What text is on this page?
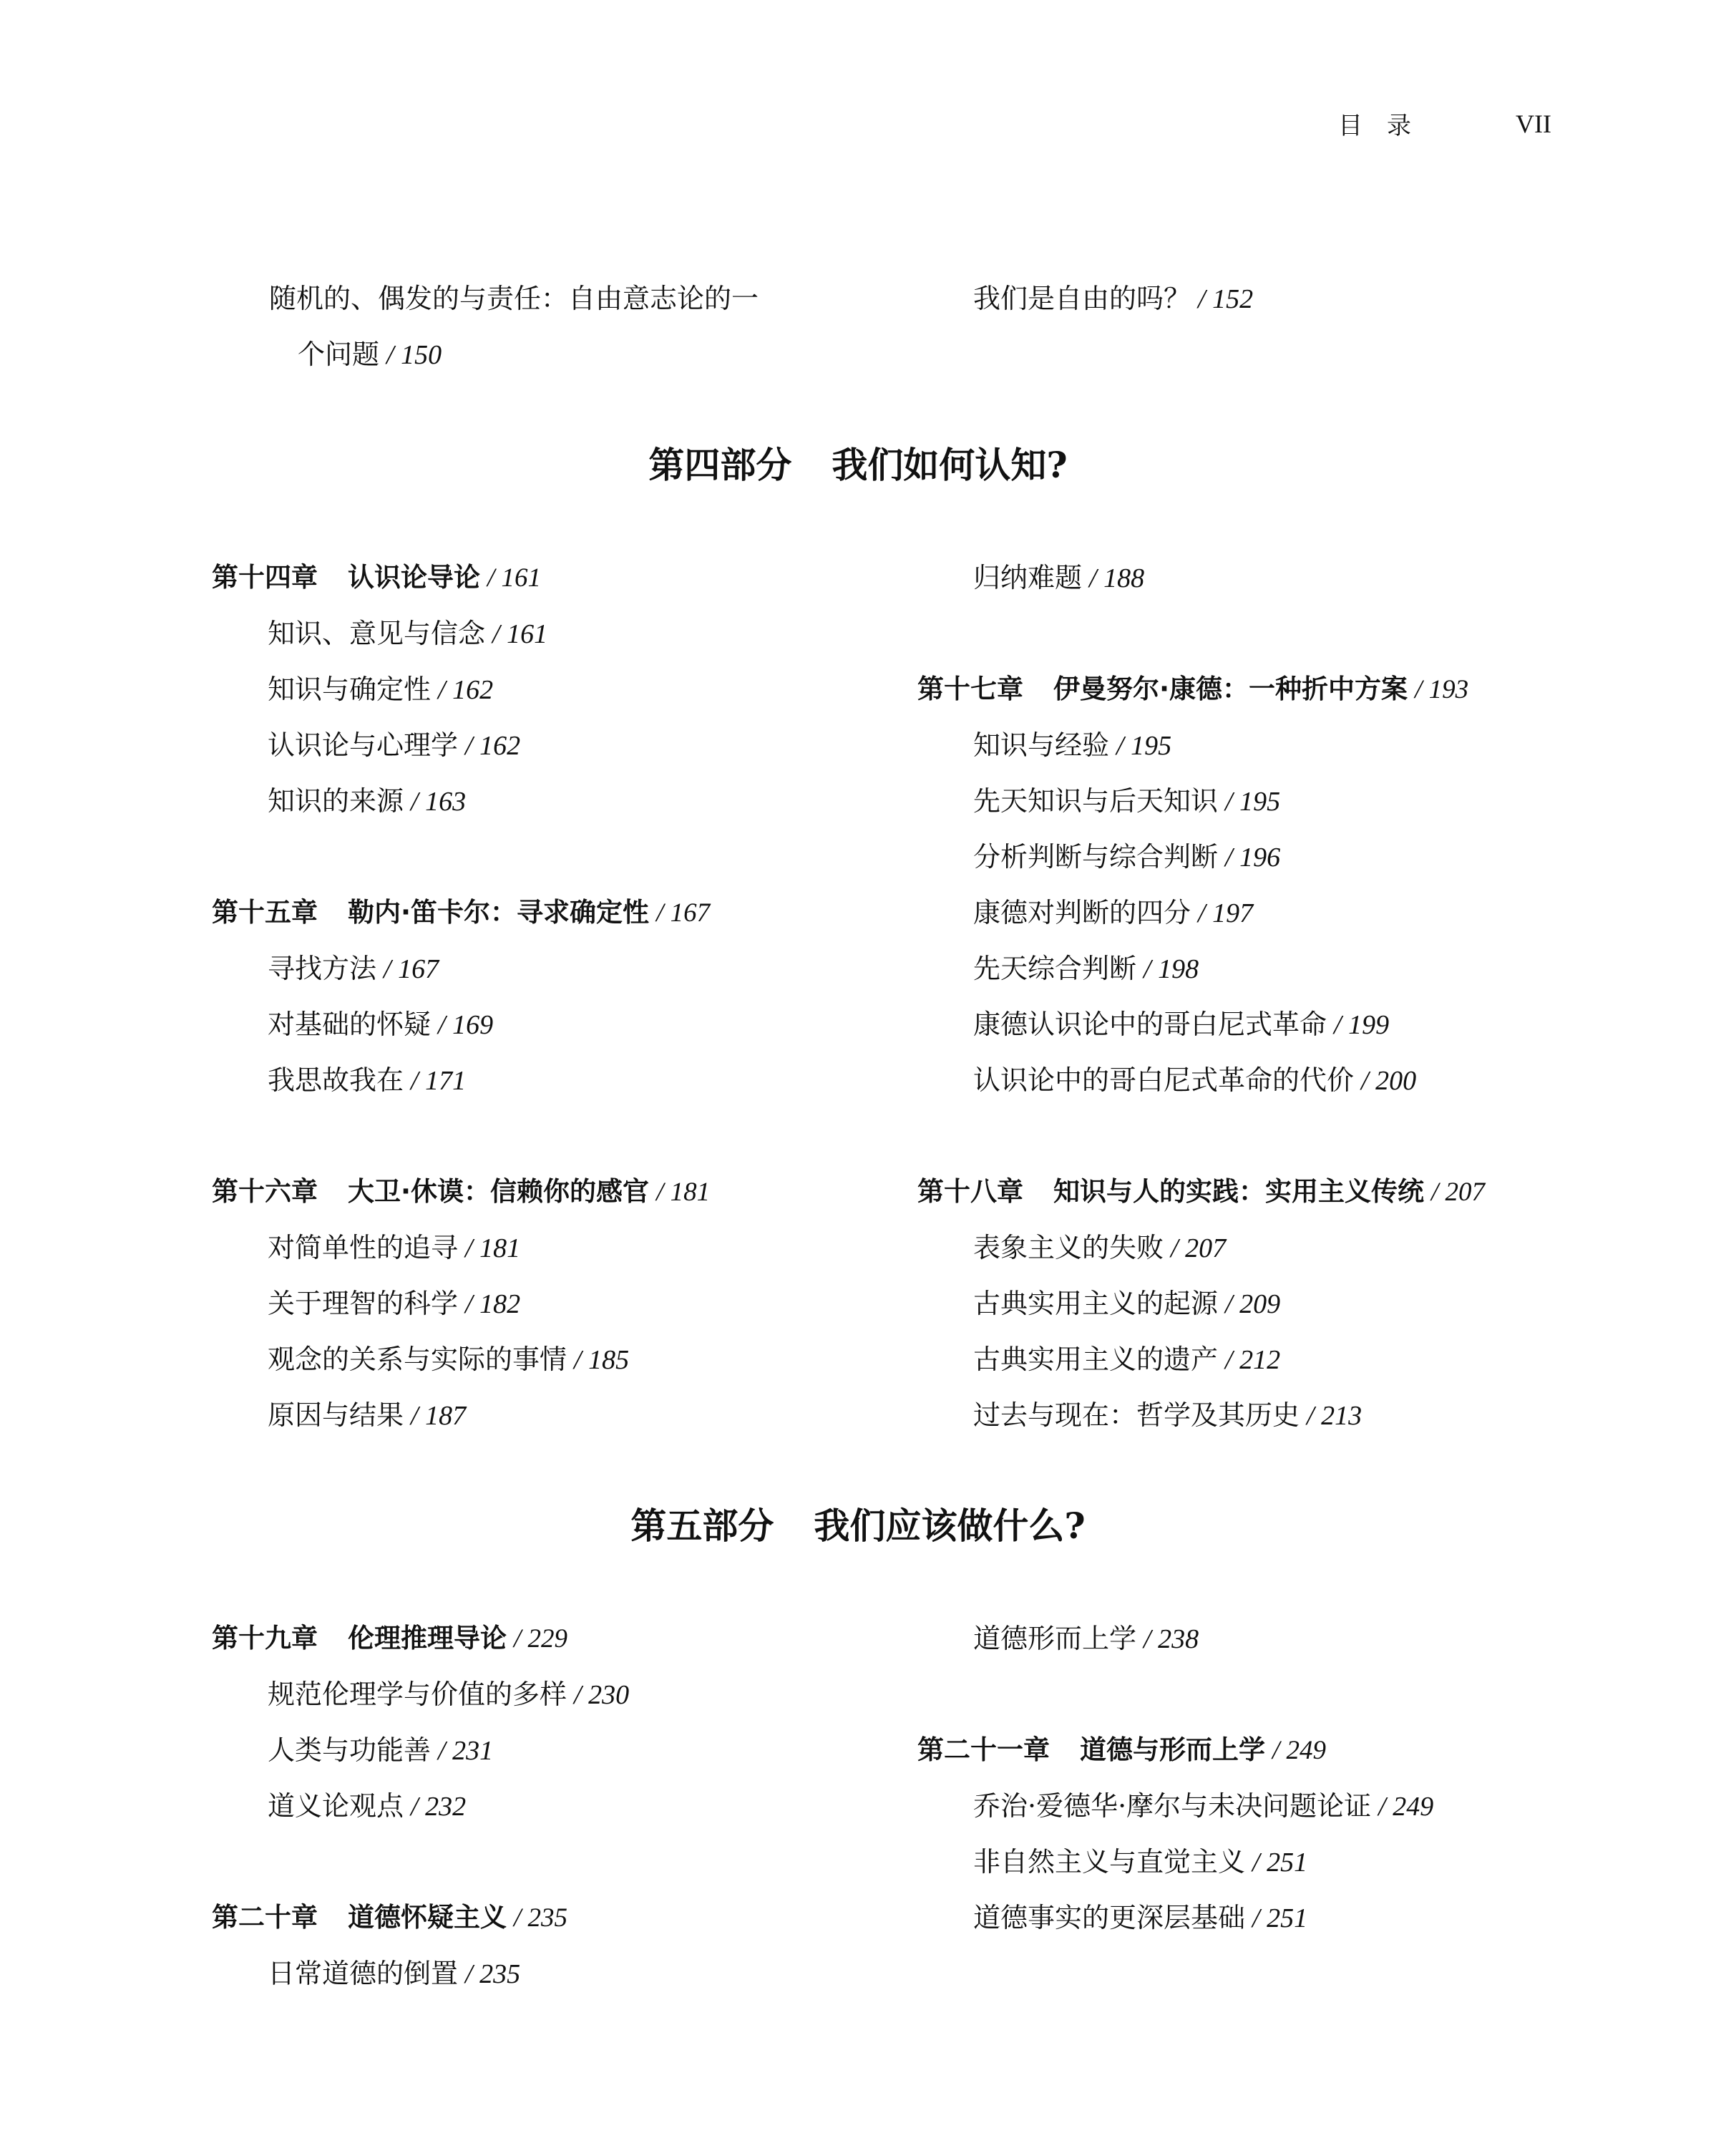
目录	VII
随机的、偶发的与责任：自由意志论的一
个问题 / 150
我们是自由的吗？ / 152
第四部分 我们如何认知?
第十四章 认识论导论 / 161
知识、意见与信念 / 161
知识与确定性 / 162
认识论与心理学 / 162
知识的来源 / 163
第十五章 勒内·笛卡尔：寻求确定性 / 167
寻找方法 / 167
对基础的怀疑 / 169
我思故我在 / 171
第十六章 大卫·休谟：信赖你的感官 / 181
对简单性的追寻 / 181
关于理智的科学 / 182
观念的关系与实际的事情 / 185
原因与结果 / 187
归纳难题 / 188
第十七章 伊曼努尔·康德：一种折中方案 / 193
知识与经验 / 195
先天知识与后天知识 / 195
分析判断与综合判断 / 196
康德对判断的四分 / 197
先天综合判断 / 198
康德认识论中的哥白尼式革命 / 199
认识论中的哥白尼式革命的代价 / 200
第十八章 知识与人的实践：实用主义传统 / 207
表象主义的失败 / 207
古典实用主义的起源 / 209
古典实用主义的遗产 / 212
过去与现在：哲学及其历史 / 213
第五部分 我们应该做什么?
第十九章 伦理推理导论 / 229
规范伦理学与价值的多样 / 230
人类与功能善 / 231
道义论观点 / 232
第二十章 道德怀疑主义 / 235
日常道德的倒置 / 235
道德形而上学 / 238
第二十一章 道德与形而上学 / 249
乔治·爱德华·摩尔与未决问题论证 / 249
非自然主义与直觉主义 / 251
道德事实的更深层基础 / 251
